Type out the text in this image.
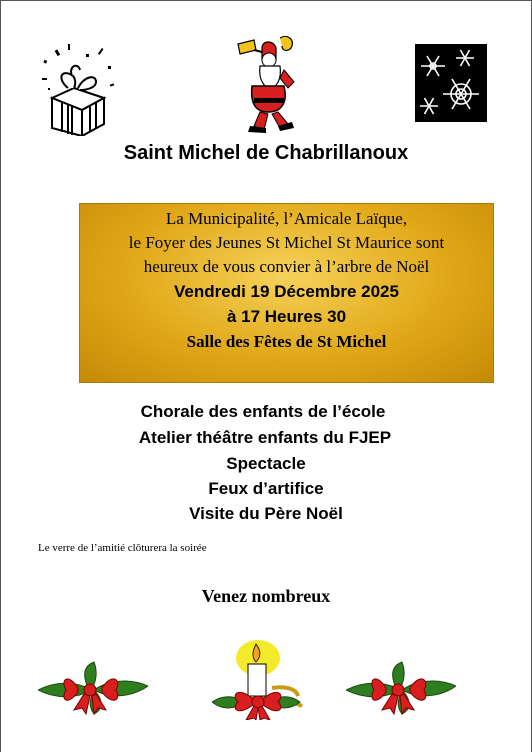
Saint Michel de Chabrillanoux
La Municipalité, l’Amicale Laïque,
le Foyer des Jeunes St Michel St Maurice sont
heureux de vous convier à l’arbre de Noël
Vendredi 19 Décembre 2025
à 17 Heures 30
Salle des Fêtes de St Michel
Chorale des enfants de l’école
Atelier théâtre enfants du FJEP
Spectacle
Feux d’artifice
Visite du Père Noël
Le verre de l’amitié clôturera la soirée
Venez nombreux
